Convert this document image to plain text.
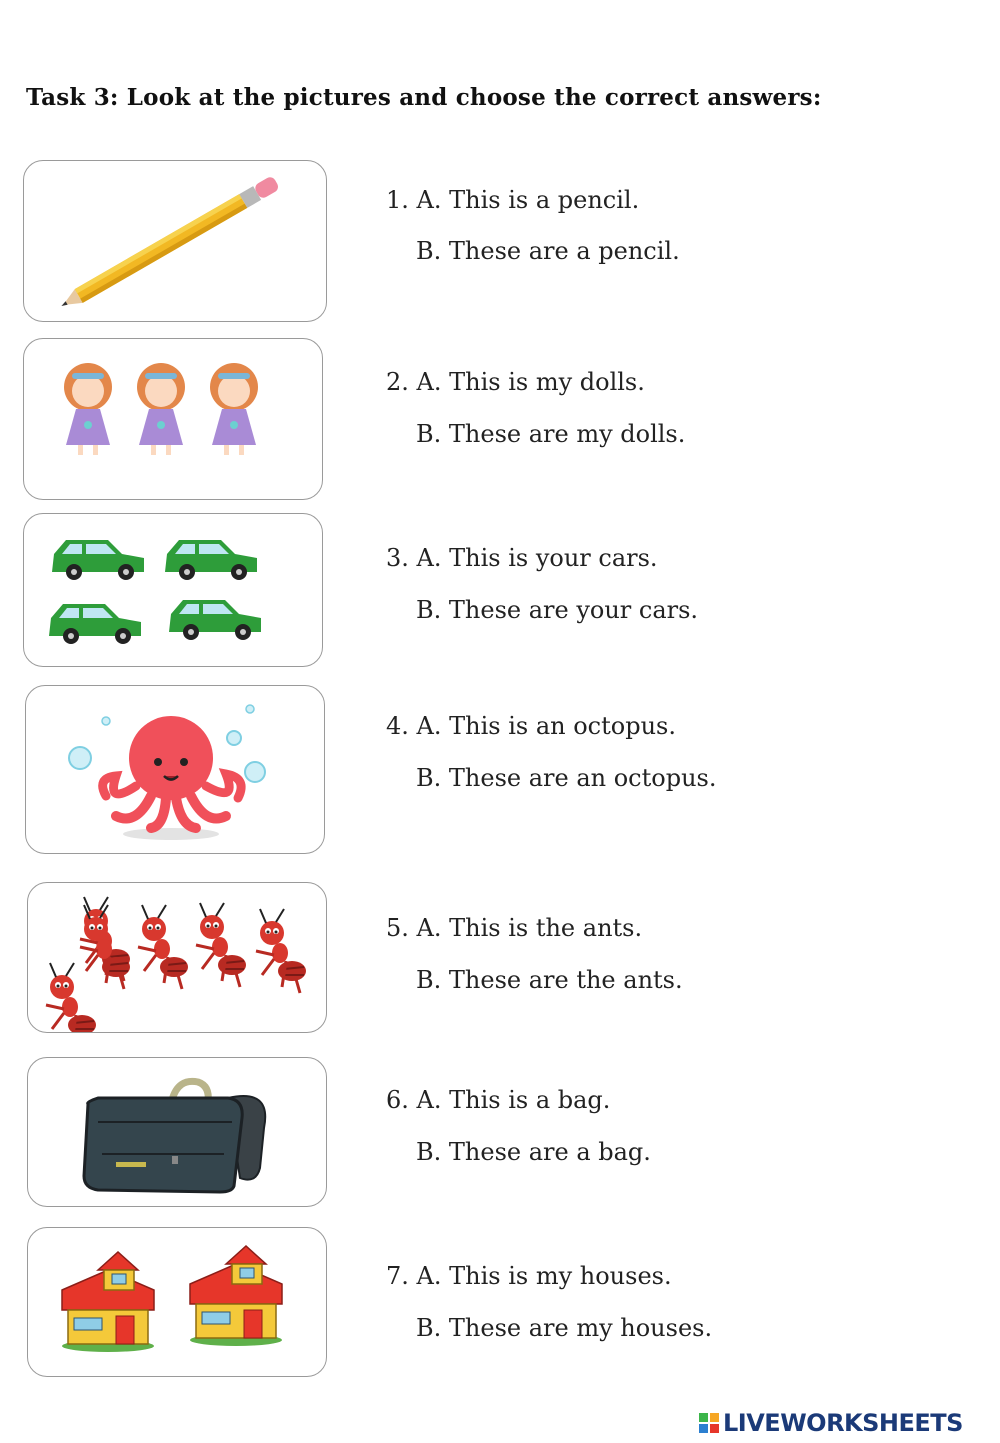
Task 3: Look at the pictures and choose the correct answers:
1. A. This is a pencil.
B. These are a pencil.
2. A. This is my dolls.
B. These are my dolls.
3. A. This is your cars.
B. These are your cars.
4. A. This is an octopus.
B. These are an octopus.
5. A. This is the ants.
B. These are the ants.
6. A. This is a bag.
B. These are a bag.
7. A. This is my houses.
B. These are my houses.
LIVEWORKSHEETS
